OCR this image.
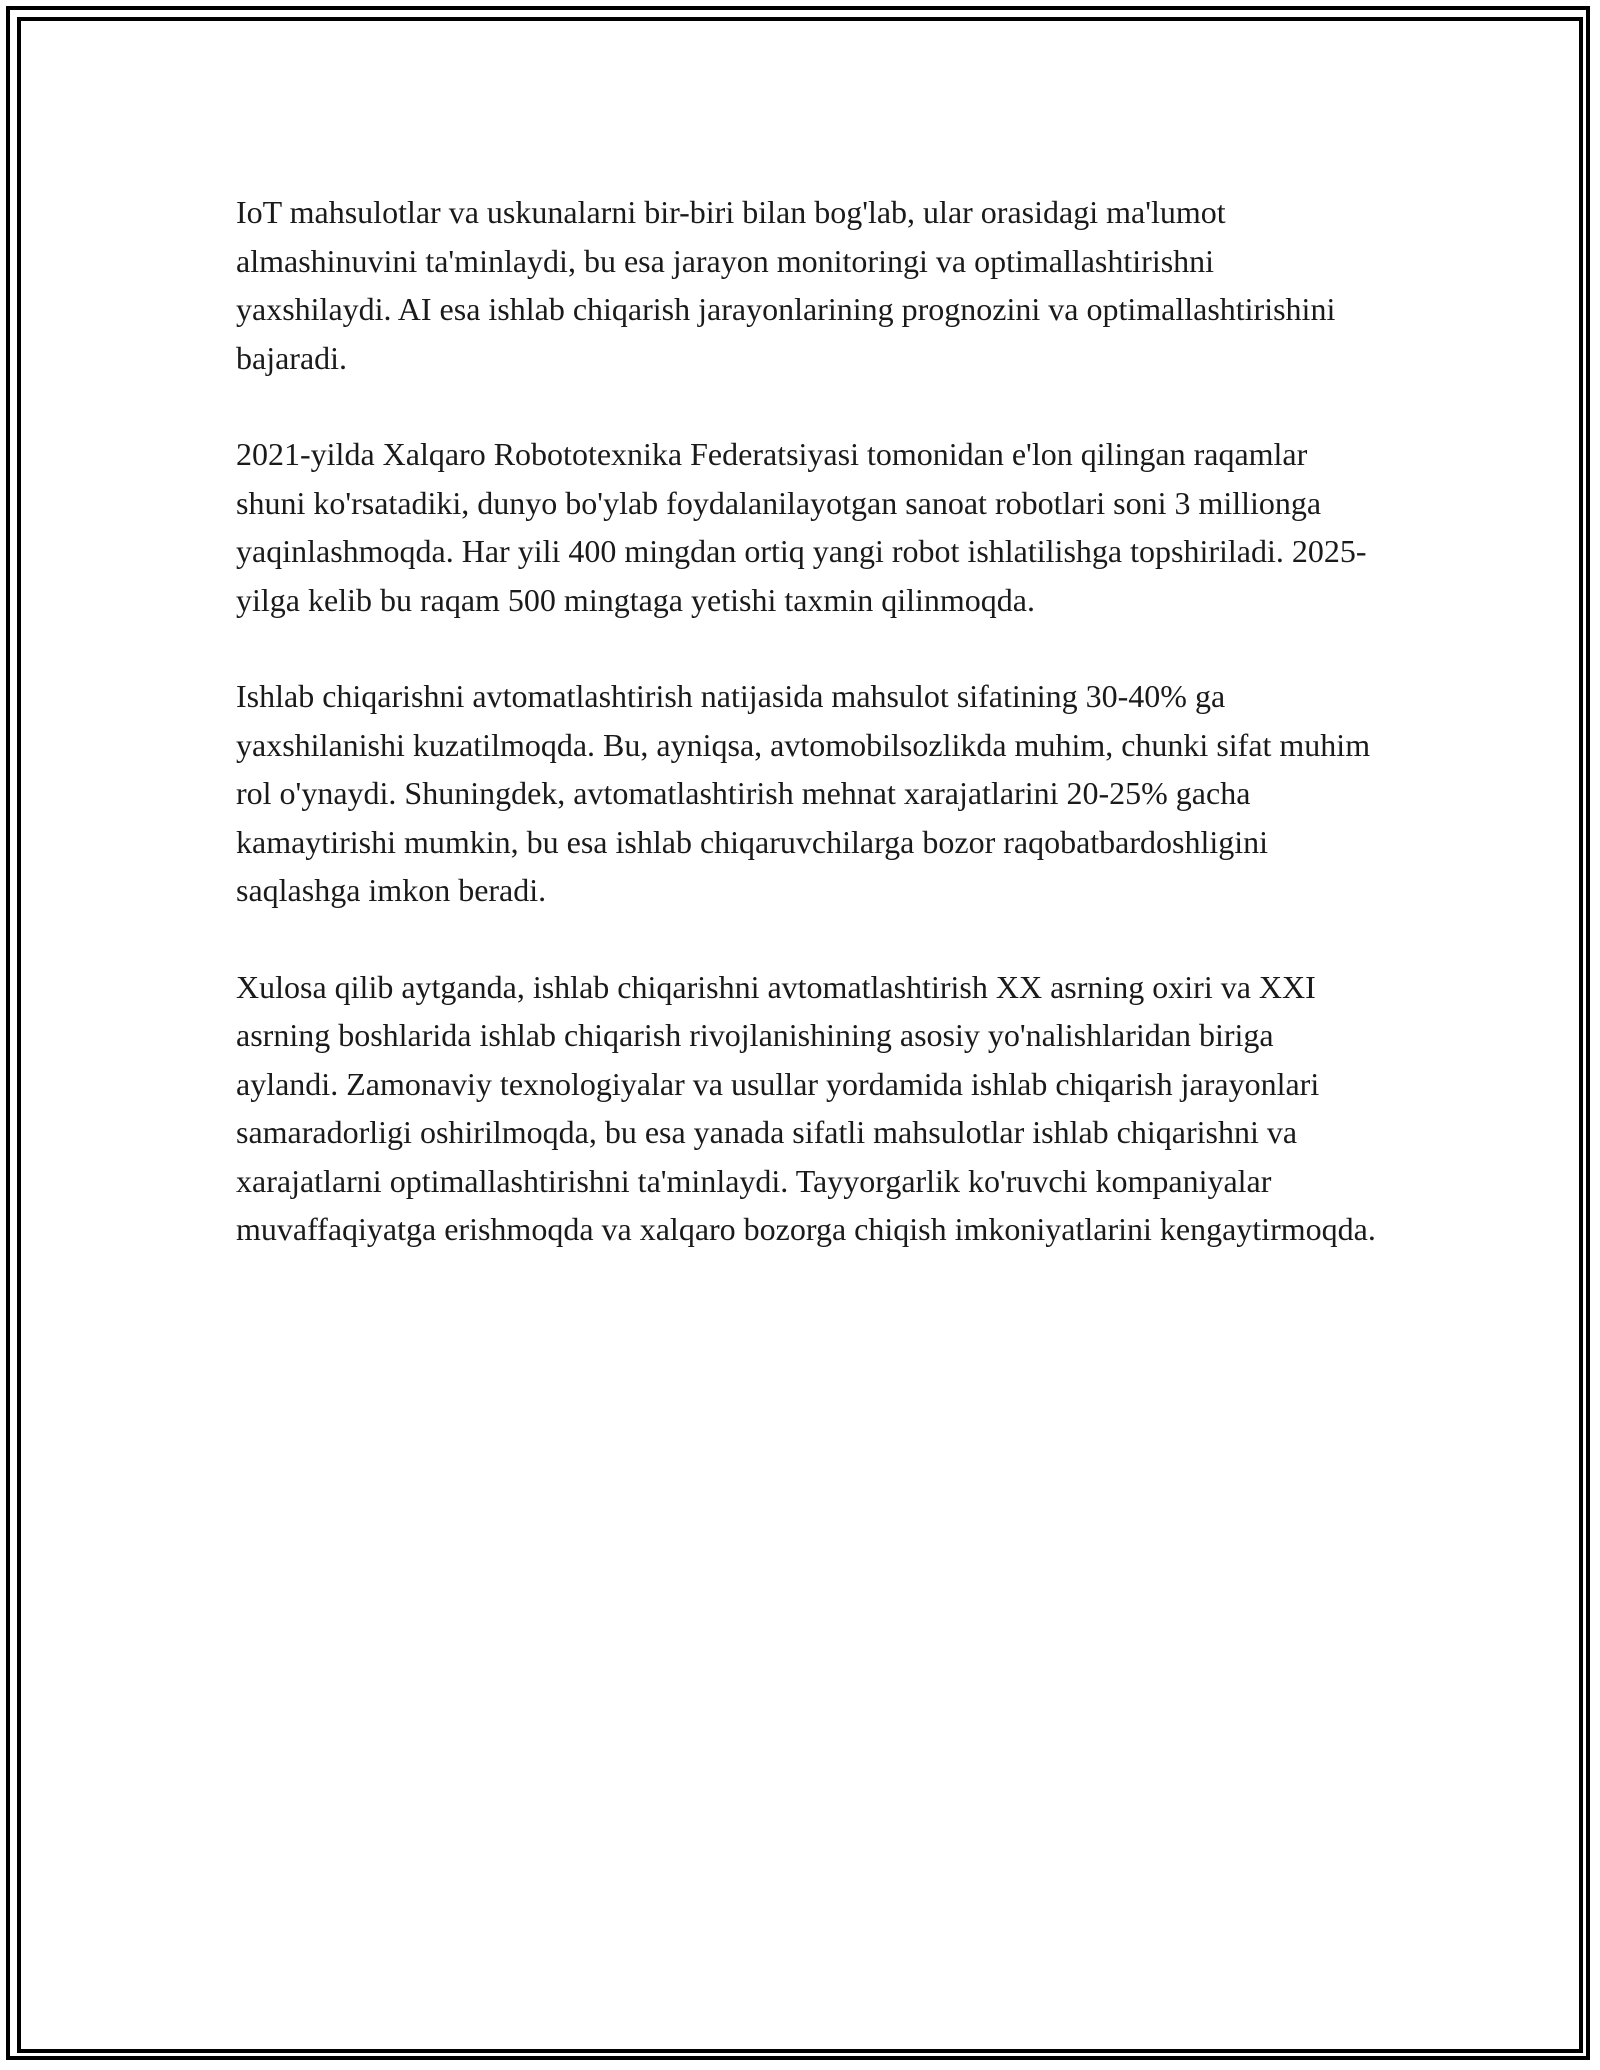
IoT mahsulotlar va uskunalarni bir-biri bilan bog'lab, ular orasidagi ma'lumot almashinuvini ta'minlaydi, bu esa jarayon monitoringi va optimallashtirishni yaxshilaydi. AI esa ishlab chiqarish jarayonlarining prognozini va optimallashtirishini bajaradi.

2021-yilda Xalqaro Robototexnika Federatsiyasi tomonidan e'lon qilingan raqamlar shuni ko'rsatadiki, dunyo bo'ylab foydalanilayotgan sanoat robotlari soni 3 millionga yaqinlashmoqda. Har yili 400 mingdan ortiq yangi robot ishlatilishga topshiriladi. 2025-yilga kelib bu raqam 500 mingtaga yetishi taxmin qilinmoqda.

Ishlab chiqarishni avtomatlashtirish natijasida mahsulot sifatining 30-40% ga yaxshilanishi kuzatilmoqda. Bu, ayniqsa, avtomobilsozlikda muhim, chunki sifat muhim rol o'ynaydi. Shuningdek, avtomatlashtirish mehnat xarajatlarini 20-25% gacha kamaytirishi mumkin, bu esa ishlab chiqaruvchilarga bozor raqobatbardoshligini saqlashga imkon beradi.

Xulosa qilib aytganda, ishlab chiqarishni avtomatlashtirish XX asrning oxiri va XXI asrning boshlarida ishlab chiqarish rivojlanishining asosiy yo'nalishlaridan biriga aylandi. Zamonaviy texnologiyalar va usullar yordamida ishlab chiqarish jarayonlari samaradorligi oshirilmoqda, bu esa yanada sifatli mahsulotlar ishlab chiqarishni va xarajatlarni optimallashtirishni ta'minlaydi. Tayyorgarlik ko'ruvchi kompaniyalar muvaffaqiyatga erishmoqda va xalqaro bozorga chiqish imkoniyatlarini kengaytirmoqda.
